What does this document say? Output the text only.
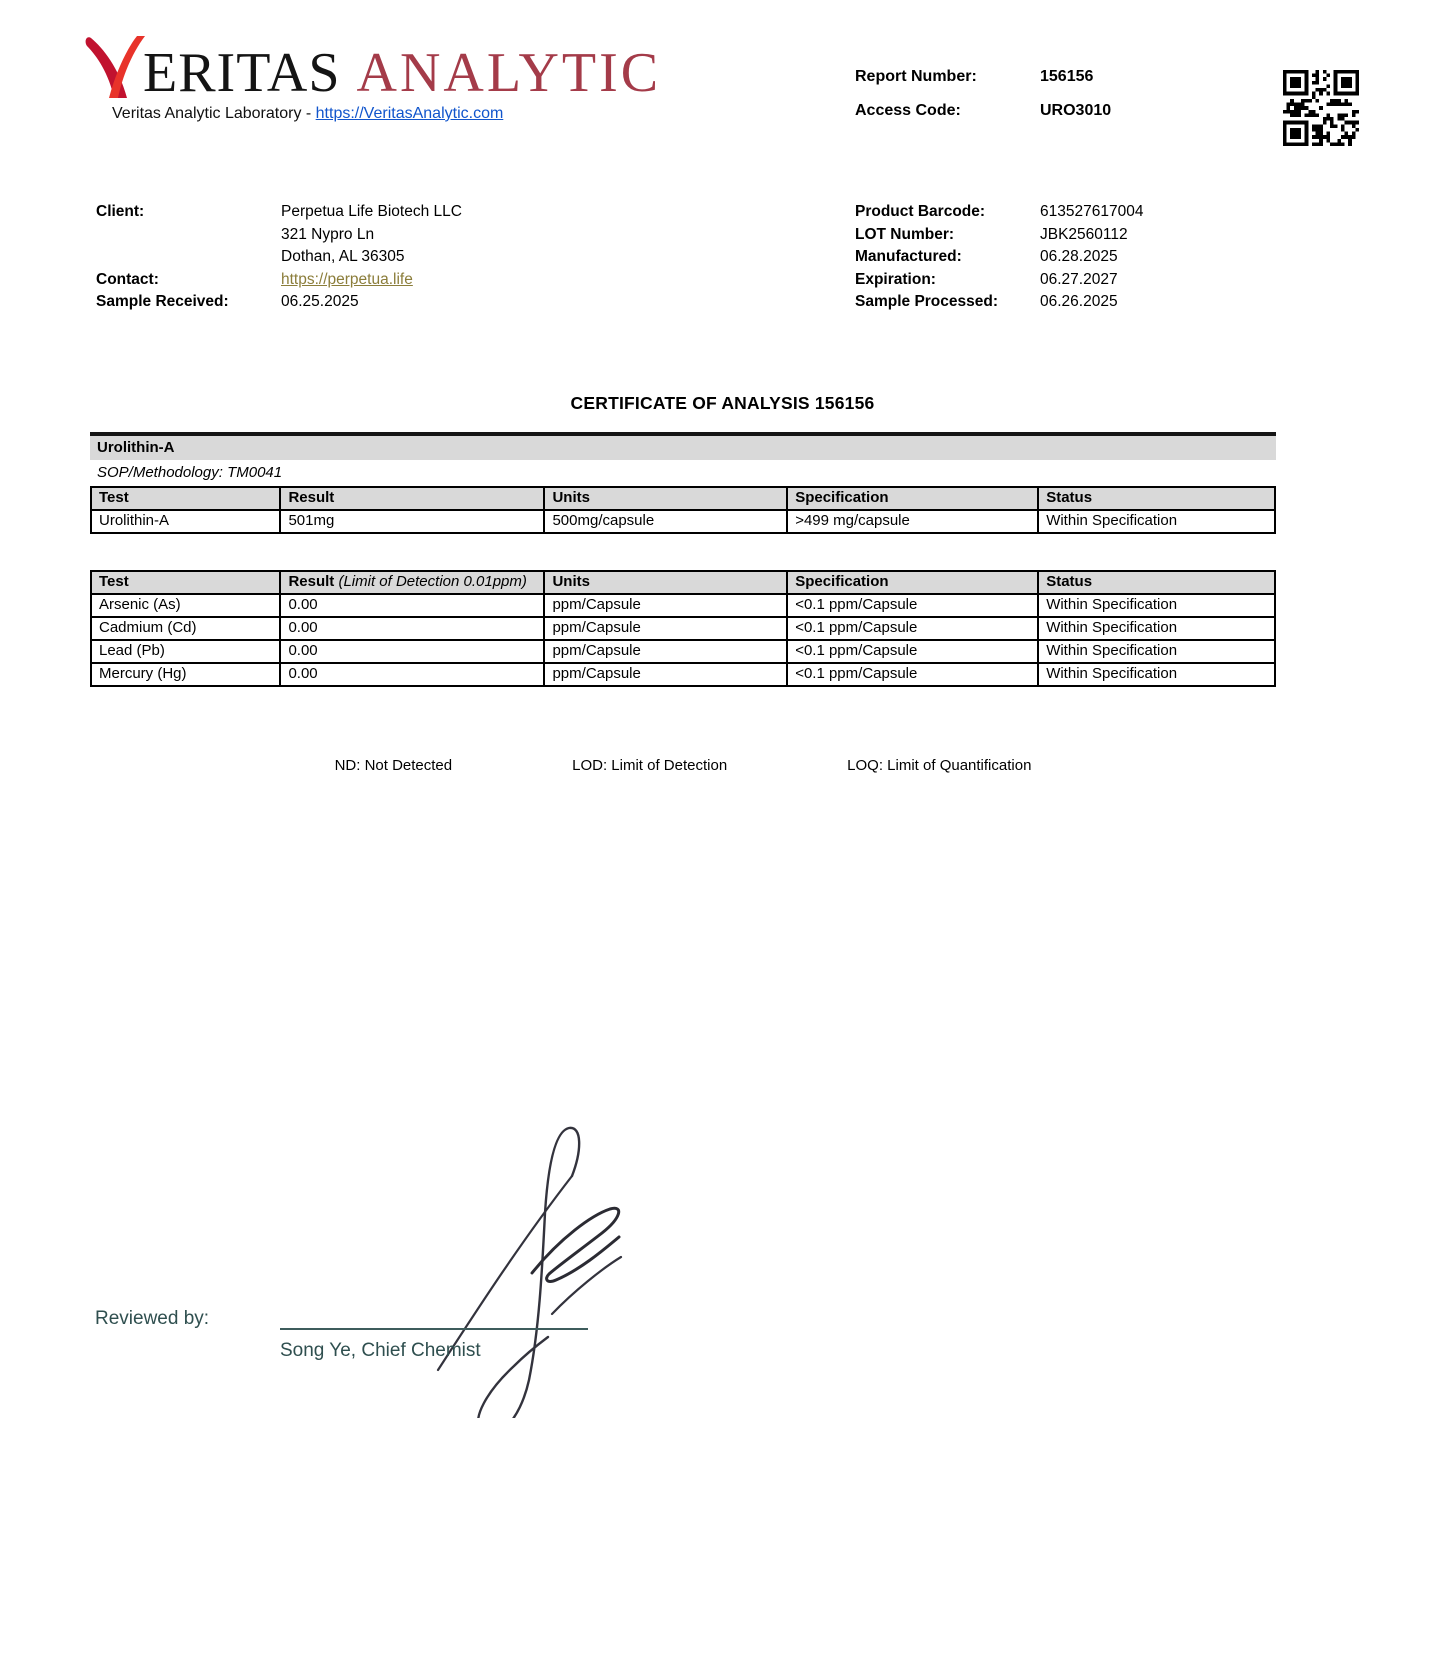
ERITAS ANALYTIC
Veritas Analytic Laboratory - https://VeritasAnalytic.com
Report Number:	156156
Access Code:	URO3010
Client:	Perpetua Life Biotech LLC
321 Nypro Ln
Dothan, AL 36305
Contact:	https://perpetua.life
Sample Received:	06.25.2025
Product Barcode:	613527617004
LOT Number:	JBK2560112
Manufactured:	06.28.2025
Expiration:	06.27.2027
Sample Processed:	06.26.2025
CERTIFICATE OF ANALYSIS 156156
Urolithin-A
SOP/Methodology: TM0041
Test	Result	Units	Specification	Status
Urolithin-A	501mg	500mg/capsule	>499 mg/capsule	Within Specification
Test	Result (Limit of Detection 0.01ppm)	Units	Specification	Status
Arsenic (As)	0.00	ppm/Capsule	<0.1 ppm/Capsule	Within Specification
Cadmium (Cd)	0.00	ppm/Capsule	<0.1 ppm/Capsule	Within Specification
Lead (Pb)	0.00	ppm/Capsule	<0.1 ppm/Capsule	Within Specification
Mercury (Hg)	0.00	ppm/Capsule	<0.1 ppm/Capsule	Within Specification
ND: Not Detected	LOD: Limit of Detection	LOQ: Limit of Quantification
Reviewed by:
Song Ye, Chief Chemist
